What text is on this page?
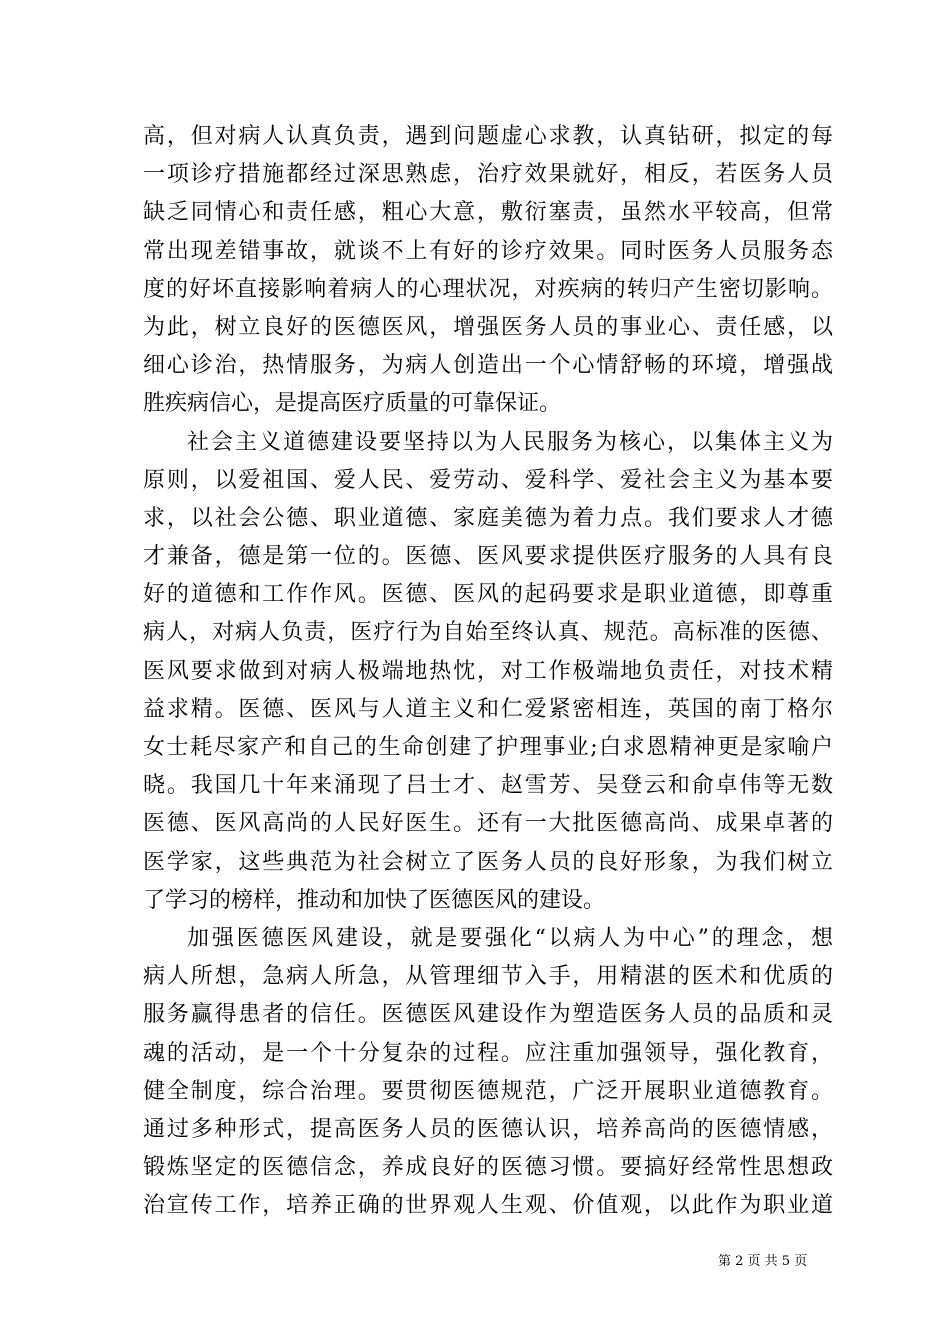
高，但对病人认真负责，遇到问题虚心求教，认真钻研，拟定的每
一项诊疗措施都经过深思熟虑，治疗效果就好，相反，若医务人员
缺乏同情心和责任感，粗心大意，敷衍塞责，虽然水平较高，但常
常出现差错事故，就谈不上有好的诊疗效果。同时医务人员服务态
度的好坏直接影响着病人的心理状况，对疾病的转归产生密切影响。
为此，树立良好的医德医风，增强医务人员的事业心、责任感，以
细心诊治，热情服务，为病人创造出一个心情舒畅的环境，增强战
胜疾病信心，是提高医疗质量的可靠保证。
社会主义道德建设要坚持以为人民服务为核心，以集体主义为
原则，以爱祖国、爱人民、爱劳动、爱科学、爱社会主义为基本要
求，以社会公德、职业道德、家庭美德为着力点。我们要求人才德
才兼备，德是第一位的。医德、医风要求提供医疗服务的人具有良
好的道德和工作作风。医德、医风的起码要求是职业道德，即尊重
病人，对病人负责，医疗行为自始至终认真、规范。高标准的医德、
医风要求做到对病人极端地热忱，对工作极端地负责任，对技术精
益求精。医德、医风与人道主义和仁爱紧密相连，英国的南丁格尔
女士耗尽家产和自己的生命创建了护理事业;白求恩精神更是家喻户
晓。我国几十年来涌现了吕士才、赵雪芳、吴登云和俞卓伟等无数
医德、医风高尚的人民好医生。还有一大批医德高尚、成果卓著的
医学家，这些典范为社会树立了医务人员的良好形象，为我们树立
了学习的榜样，推动和加快了医德医风的建设。
加强医德医风建设，就是要强化“以病人为中心”的理念，想
病人所想，急病人所急，从管理细节入手，用精湛的医术和优质的
服务赢得患者的信任。医德医风建设作为塑造医务人员的品质和灵
魂的活动，是一个十分复杂的过程。应注重加强领导，强化教育，
健全制度，综合治理。要贯彻医德规范，广泛开展职业道德教育。
通过多种形式，提高医务人员的医德认识，培养高尚的医德情感，
锻炼坚定的医德信念，养成良好的医德习惯。要搞好经常性思想政
治宣传工作，培养正确的世界观人生观、价值观，以此作为职业道
第 2 页 共 5 页
